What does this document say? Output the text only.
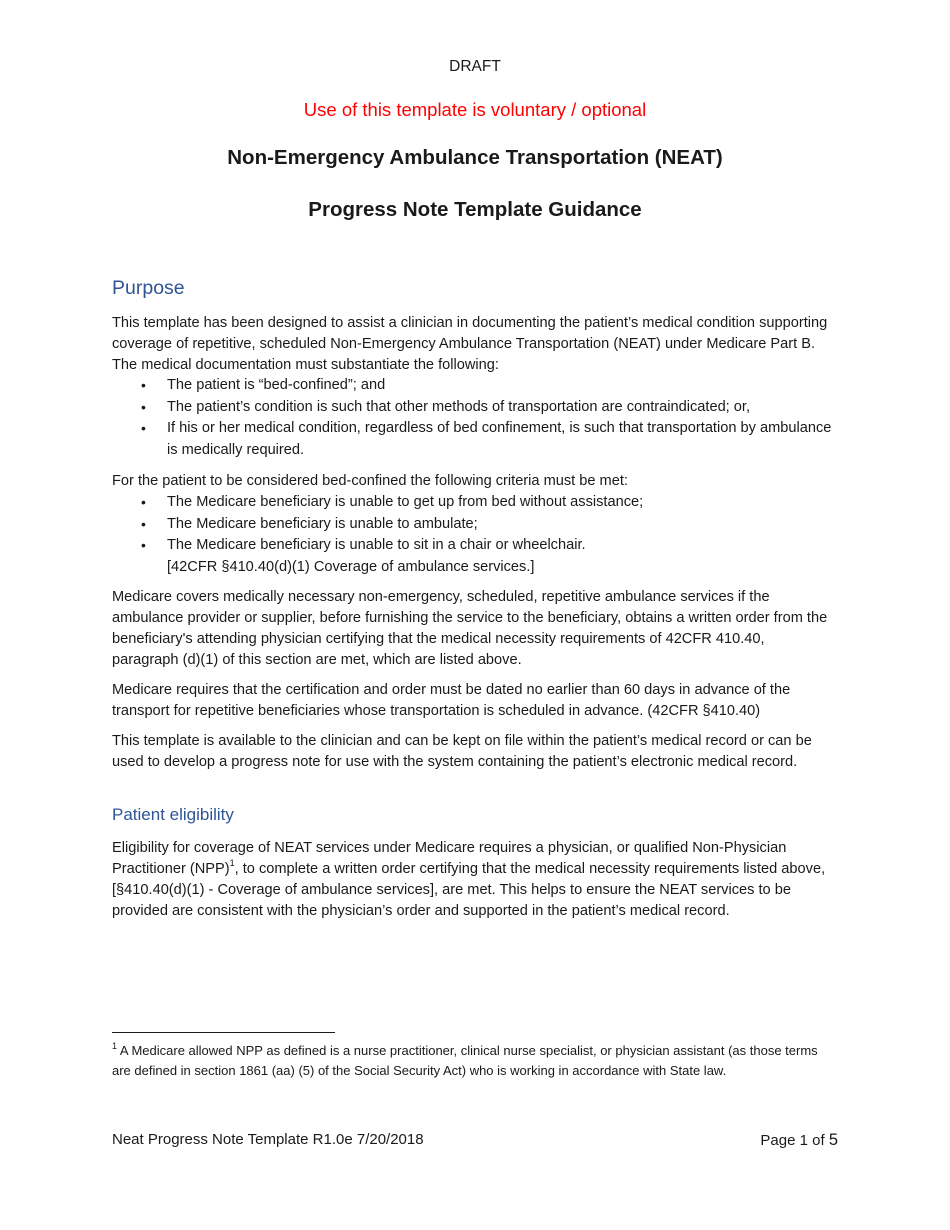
DRAFT
Use of this template is voluntary / optional
Non-Emergency Ambulance Transportation (NEAT)
Progress Note Template Guidance
Purpose

This template has been designed to assist a clinician in documenting the patient’s medical condition supporting coverage of repetitive, scheduled Non-Emergency Ambulance Transportation (NEAT) under Medicare Part B. The medical documentation must substantiate the following:

• The patient is “bed-confined”; and
• The patient’s condition is such that other methods of transportation are contraindicated; or,
• If his or her medical condition, regardless of bed confinement, is such that transportation by ambulance is medically required.

For the patient to be considered bed-confined the following criteria must be met:

• The Medicare beneficiary is unable to get up from bed without assistance;
• The Medicare beneficiary is unable to ambulate;
• The Medicare beneficiary is unable to sit in a chair or wheelchair.
[42CFR §410.40(d)(1) Coverage of ambulance services.]

Medicare covers medically necessary non-emergency, scheduled, repetitive ambulance services if the ambulance provider or supplier, before furnishing the service to the beneficiary, obtains a written order from the beneficiary's attending physician certifying that the medical necessity requirements of 42CFR 410.40, paragraph (d)(1) of this section are met, which are listed above.

Medicare requires that the certification and order must be dated no earlier than 60 days in advance of the transport for repetitive beneficiaries whose transportation is scheduled in advance. (42CFR §410.40)

This template is available to the clinician and can be kept on file within the patient’s medical record or can be used to develop a progress note for use with the system containing the patient’s electronic medical record.

Patient eligibility

Eligibility for coverage of NEAT services under Medicare requires a physician, or qualified Non-Physician Practitioner (NPP)$^1$, to complete a written order certifying that the medical necessity requirements listed above, [§410.40(d)(1) - Coverage of ambulance services], are met. This helps to ensure the NEAT services to be provided are consistent with the physician’s order and supported in the patient’s medical record.

$^1$ A Medicare allowed NPP as defined is a nurse practitioner, clinical nurse specialist, or physician assistant (as those terms are defined in section 1861 (aa) (5) of the Social Security Act) who is working in accordance with State law.

Neat Progress Note Template R1.0e 7/20/2018	Page 1 of 5
